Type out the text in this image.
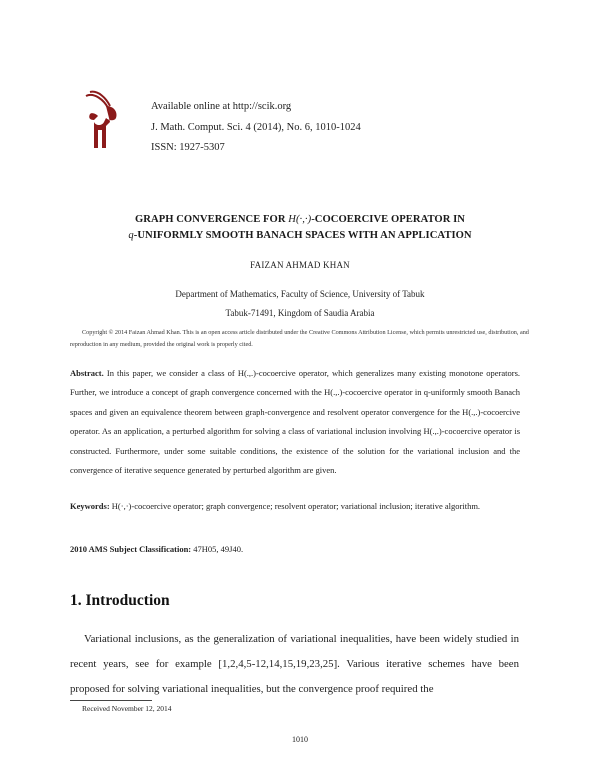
Available online at http://scik.org
J. Math. Comput. Sci. 4 (2014), No. 6, 1010-1024
ISSN: 1927-5307
GRAPH CONVERGENCE FOR H(·,·)-COCOERCIVE OPERATOR IN
q-UNIFORMLY SMOOTH BANACH SPACES WITH AN APPLICATION
FAIZAN AHMAD KHAN
Department of Mathematics, Faculty of Science, University of Tabuk
Tabuk-71491, Kingdom of Saudia Arabia
Copyright © 2014 Faizan Ahmad Khan. This is an open access article distributed under the Creative Commons Attribution License, which permits unrestricted use, distribution, and reproduction in any medium, provided the original work is properly cited.
Abstract. In this paper, we consider a class of H(.,.)-cocoercive operator, which generalizes many existing monotone operators. Further, we introduce a concept of graph convergence concerned with the H(.,.)-cocoercive operator in q-uniformly smooth Banach spaces and given an equivalence theorem between graph-convergence and resolvent operator convergence for the H(.,.)-cocoercive operator. As an application, a perturbed algorithm for solving a class of variational inclusion involving H(.,.)-cocoercive operator is constructed. Furthermore, under some suitable conditions, the existence of the solution for the variational inclusion and the convergence of iterative sequence generated by perturbed algorithm are given.
Keywords: H(·,·)-cocoercive operator; graph convergence; resolvent operator; variational inclusion; iterative algorithm.
2010 AMS Subject Classification: 47H05, 49J40.
1. Introduction
Variational inclusions, as the generalization of variational inequalities, have been widely studied in recent years, see for example [1,2,4,5-12,14,15,19,23,25]. Various iterative schemes have been proposed for solving variational inequalities, but the convergence proof required the
Received November 12, 2014
1010
